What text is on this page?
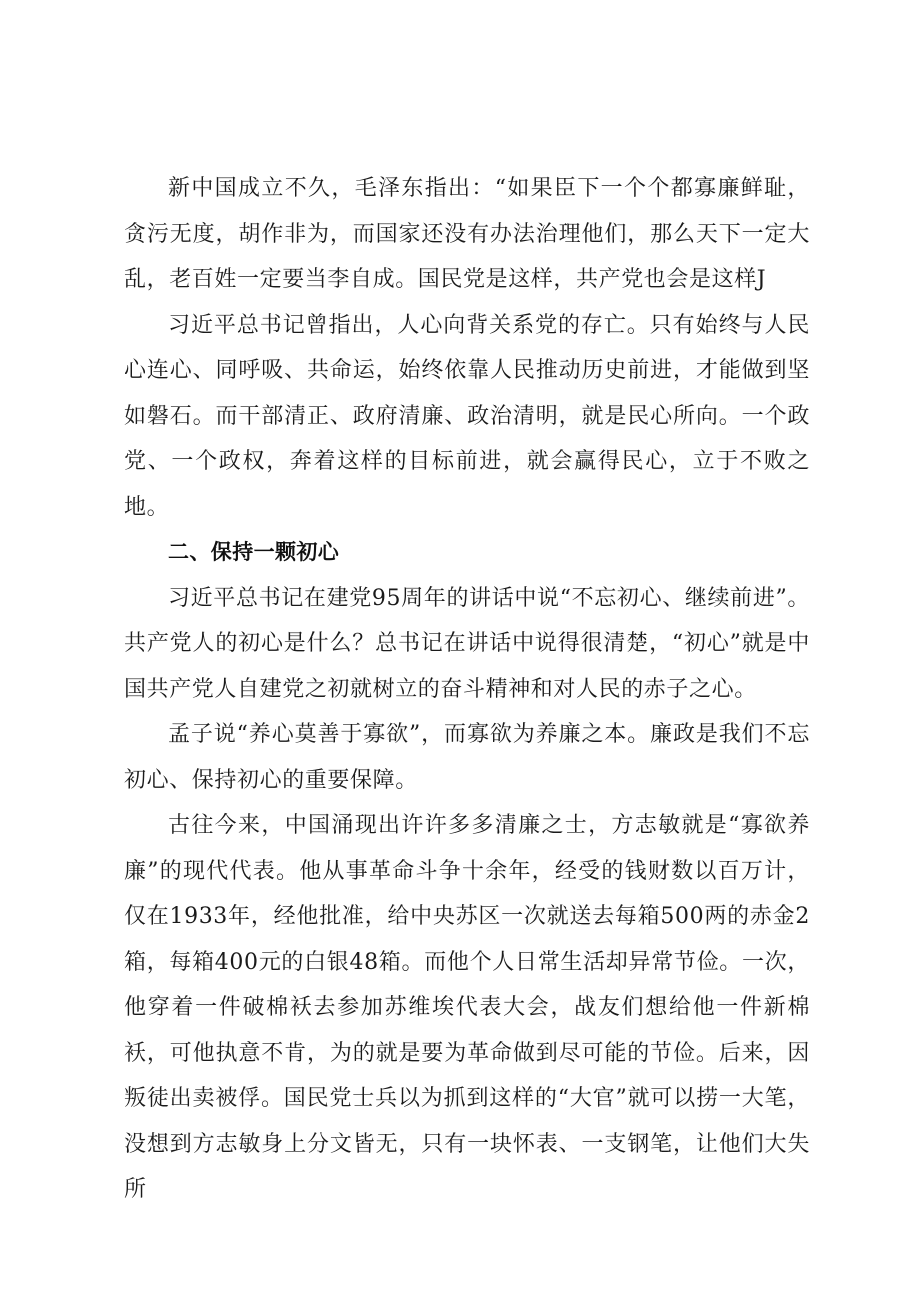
新中国成立不久，毛泽东指出：“如果臣下一个个都寡廉鲜耻，贪污无度，胡作非为，而国家还没有办法治理他们，那么天下一定大乱，老百姓一定要当李自成。国民党是这样，共产党也会是这样J

习近平总书记曾指出，人心向背关系党的存亡。只有始终与人民心连心、同呼吸、共命运，始终依靠人民推动历史前进，才能做到坚如磐石。而干部清正、政府清廉、政治清明，就是民心所向。一个政党、一个政权，奔着这样的目标前进，就会赢得民心，立于不败之地。

二、保持一颗初心

习近平总书记在建党95周年的讲话中说“不忘初心、继续前进”。共产党人的初心是什么？总书记在讲话中说得很清楚，“初心”就是中国共产党人自建党之初就树立的奋斗精神和对人民的赤子之心。

孟子说“养心莫善于寡欲”，而寡欲为养廉之本。廉政是我们不忘初心、保持初心的重要保障。

古往今来，中国涌现出许许多多清廉之士，方志敏就是“寡欲养廉”的现代代表。他从事革命斗争十余年，经受的钱财数以百万计，仅在1933年，经他批准，给中央苏区一次就送去每箱500两的赤金2箱，每箱400元的白银48箱。而他个人日常生活却异常节俭。一次，他穿着一件破棉袄去参加苏维埃代表大会，战友们想给他一件新棉袄，可他执意不肯，为的就是要为革命做到尽可能的节俭。后来，因叛徒出卖被俘。国民党士兵以为抓到这样的“大官”就可以捞一大笔，没想到方志敏身上分文皆无，只有一块怀表、一支钢笔，让他们大失所
